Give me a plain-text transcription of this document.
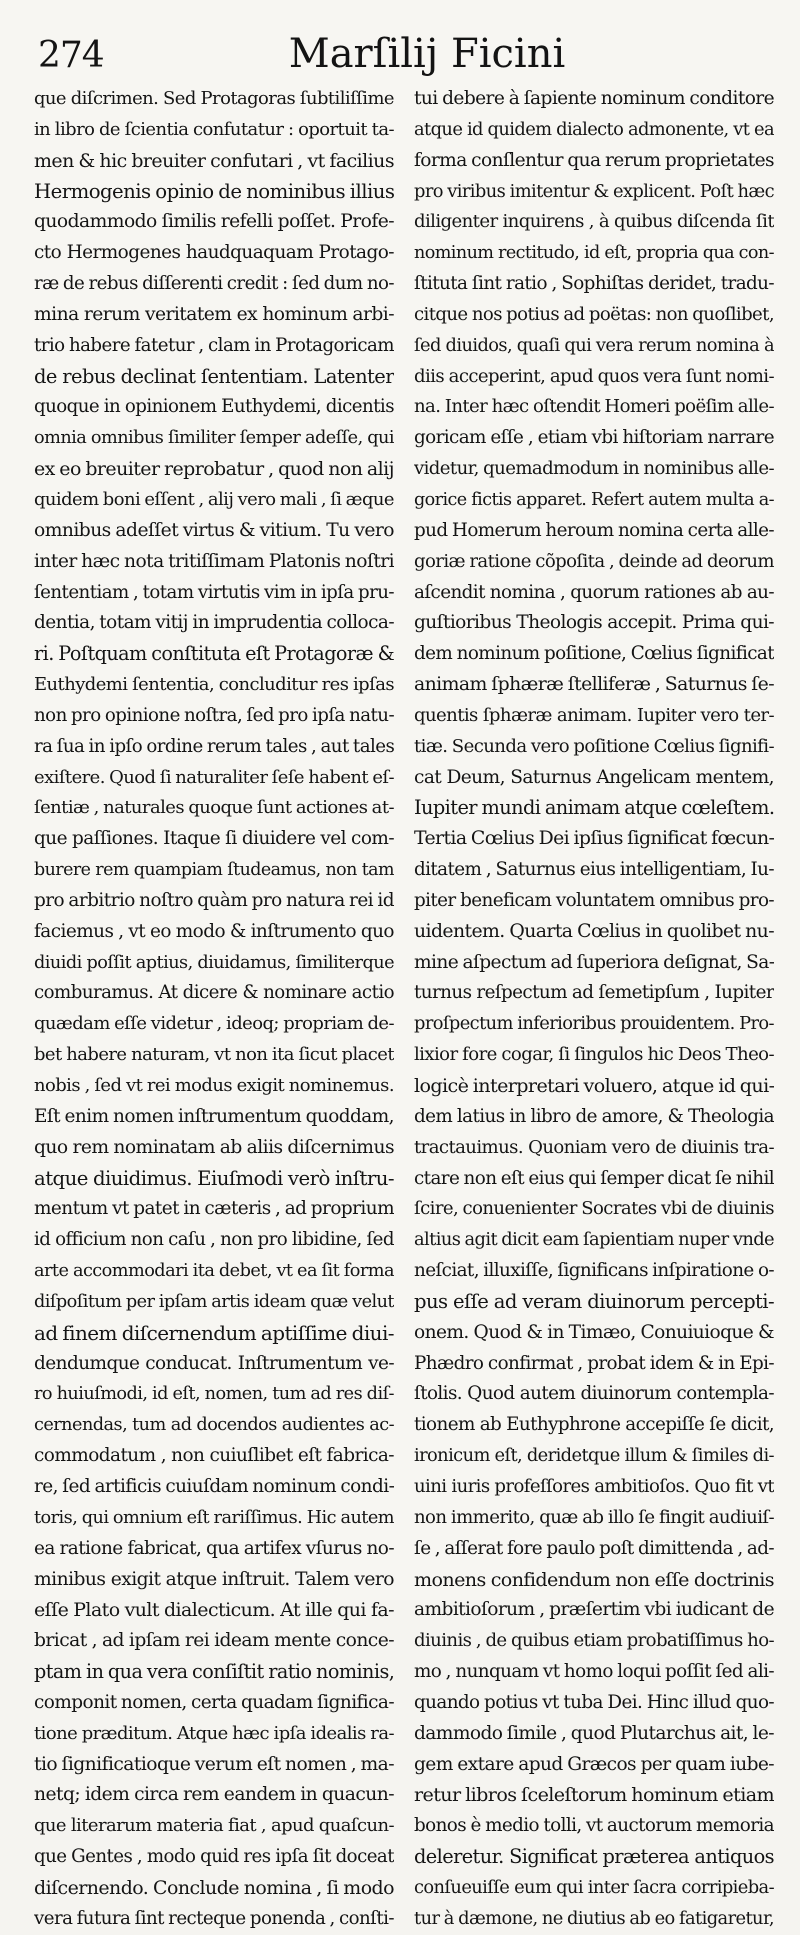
274	Marſilij Ficini
que diſcrimen. Sed Protagoras ſubtiliſſime
in libro de ſcientia confutatur : oportuit ta-
men & hic breuiter confutari , vt facilius
Hermogenis opinio de nominibus illius
quodammodo ſimilis refelli poſſet. Profe-
cto Hermogenes haudquaquam Protago-
ræ de rebus diſſerenti credit : ſed dum no-
mina rerum veritatem ex hominum arbi-
trio habere fatetur , clam in Protagoricam
de rebus declinat ſententiam. Latenter
quoque in opinionem Euthydemi, dicentis
omnia omnibus ſimiliter ſemper adeſſe, qui
ex eo breuiter reprobatur , quod non alij
quidem boni eſſent , alij vero mali , ſi æque
omnibus adeſſet virtus & vitium. Tu vero
inter hæc nota tritiſſimam Platonis noſtri
ſententiam , totam virtutis vim in ipſa pru-
dentia, totam vitij in imprudentia colloca-
ri. Poſtquam conſtituta eſt Protagoræ &
Euthydemi ſententia, concluditur res ipſas
non pro opinione noſtra, ſed pro ipſa natu-
ra ſua in ipſo ordine rerum tales , aut tales
exiſtere. Quod ſi naturaliter ſeſe habent eſ-
ſentiæ , naturales quoque ſunt actiones at-
que paſſiones. Itaque ſi diuidere vel com-
burere rem quampiam ſtudeamus, non tam
pro arbitrio noſtro quàm pro natura rei id
faciemus , vt eo modo & inſtrumento quo
diuidi poſſit aptius, diuidamus, ſimiliterque
comburamus. At dicere & nominare actio
quædam eſſe videtur , ideoq; propriam de-
bet habere naturam, vt non ita ſicut placet
nobis , ſed vt rei modus exigit nominemus.
Eſt enim nomen inſtrumentum quoddam,
quo rem nominatam ab aliis diſcernimus
atque diuidimus. Eiuſmodi verò inſtru-
mentum vt patet in cæteris , ad proprium
id officium non caſu , non pro libidine, ſed
arte accommodari ita debet, vt ea ſit forma
diſpoſitum per ipſam artis ideam quæ velut
ad finem diſcernendum aptiſſime diui-
dendumque conducat. Inſtrumentum ve-
ro huiuſmodi, id eſt, nomen, tum ad res diſ-
cernendas, tum ad docendos audientes ac-
commodatum , non cuiuſlibet eſt fabrica-
re, ſed artificis cuiuſdam nominum condi-
toris, qui omnium eſt rariſſimus. Hic autem
ea ratione fabricat, qua artifex vſurus no-
minibus exigit atque inſtruit. Talem vero
eſſe Plato vult dialecticum. At ille qui fa-
bricat , ad ipſam rei ideam mente conce-
ptam in qua vera conſiſtit ratio nominis,
componit nomen, certa quadam ſignifica-
tione præditum. Atque hæc ipſa idealis ra-
tio ſignificatioque verum eſt nomen , ma-
netq; idem circa rem eandem in quacun-
que literarum materia fiat , apud quaſcun-
que Gentes , modo quid res ipſa ſit doceat
diſcernendo. Conclude nomina , ſi modo
vera futura ſint recteque ponenda , conſti-
tui debere à ſapiente nominum conditore
atque id quidem dialecto admonente, vt ea
forma conſlentur qua rerum proprietates
pro viribus imitentur & explicent. Poſt hæc
diligenter inquirens , à quibus diſcenda ſit
nominum rectitudo, id eſt, propria qua con-
ſtituta ſint ratio , Sophiſtas deridet, tradu-
citque nos potius ad poëtas: non quoſlibet,
ſed diuidos, quaſi qui vera rerum nomina à
diis acceperint, apud quos vera ſunt nomi-
na. Inter hæc oſtendit Homeri poëſim alle-
goricam eſſe , etiam vbi hiſtoriam narrare
videtur, quemadmodum in nominibus alle-
gorice fictis apparet. Refert autem multa a-
pud Homerum heroum nomina certa alle-
goriæ ratione cõpoſita , deinde ad deorum
aſcendit nomina , quorum rationes ab au-
guſtioribus Theologis accepit. Prima qui-
dem nominum poſitione, Cœlius ſignificat
animam ſphæræ ſtelliferæ , Saturnus ſe-
quentis ſphæræ animam. Iupiter vero ter-
tiæ. Secunda vero poſitione Cœlius ſignifi-
cat Deum, Saturnus Angelicam mentem,
Iupiter mundi animam atque cœleſtem.
Tertia Cœlius Dei ipſius ſignificat fœcun-
ditatem , Saturnus eius intelligentiam, Iu-
piter beneficam voluntatem omnibus pro-
uidentem. Quarta Cœlius in quolibet nu-
mine aſpectum ad ſuperiora deſignat, Sa-
turnus reſpectum ad ſemetipſum , Iupiter
proſpectum inferioribus prouidentem. Pro-
lixior fore cogar, ſi ſingulos hic Deos Theo-
logicè interpretari voluero, atque id qui-
dem latius in libro de amore, & Theologia
tractauimus. Quoniam vero de diuinis tra-
ctare non eſt eius qui ſemper dicat ſe nihil
ſcire, conuenienter Socrates vbi de diuinis
altius agit dicit eam ſapientiam nuper vnde
neſciat, illuxiſſe, ſignificans inſpiratione o-
pus eſſe ad veram diuinorum percepti-
onem. Quod & in Timæo, Conuiuioque &
Phædro confirmat , probat idem & in Epi-
ſtolis. Quod autem diuinorum contempla-
tionem ab Euthyphrone accepiſſe ſe dicit,
ironicum eſt, deridetque illum & ſimiles di-
uini iuris profeſſores ambitioſos. Quo fit vt
non immerito, quæ ab illo ſe fingit audiuiſ-
ſe , aſſerat fore paulo poſt dimittenda , ad-
monens confidendum non eſſe doctrinis
ambitioſorum , præſertim vbi iudicant de
diuinis , de quibus etiam probatiſſimus ho-
mo , nunquam vt homo loqui poſſit ſed ali-
quando potius vt tuba Dei. Hinc illud quo-
dammodo ſimile , quod Plutarchus ait, le-
gem extare apud Græcos per quam iube-
retur libros ſceleſtorum hominum etiam
bonos è medio tolli, vt auctorum memoria
deleretur. Significat præterea antiquos
conſueuiſſe eum qui inter ſacra corripieba-
tur à dæmone, ne diutius ab eo fatigaretur,
